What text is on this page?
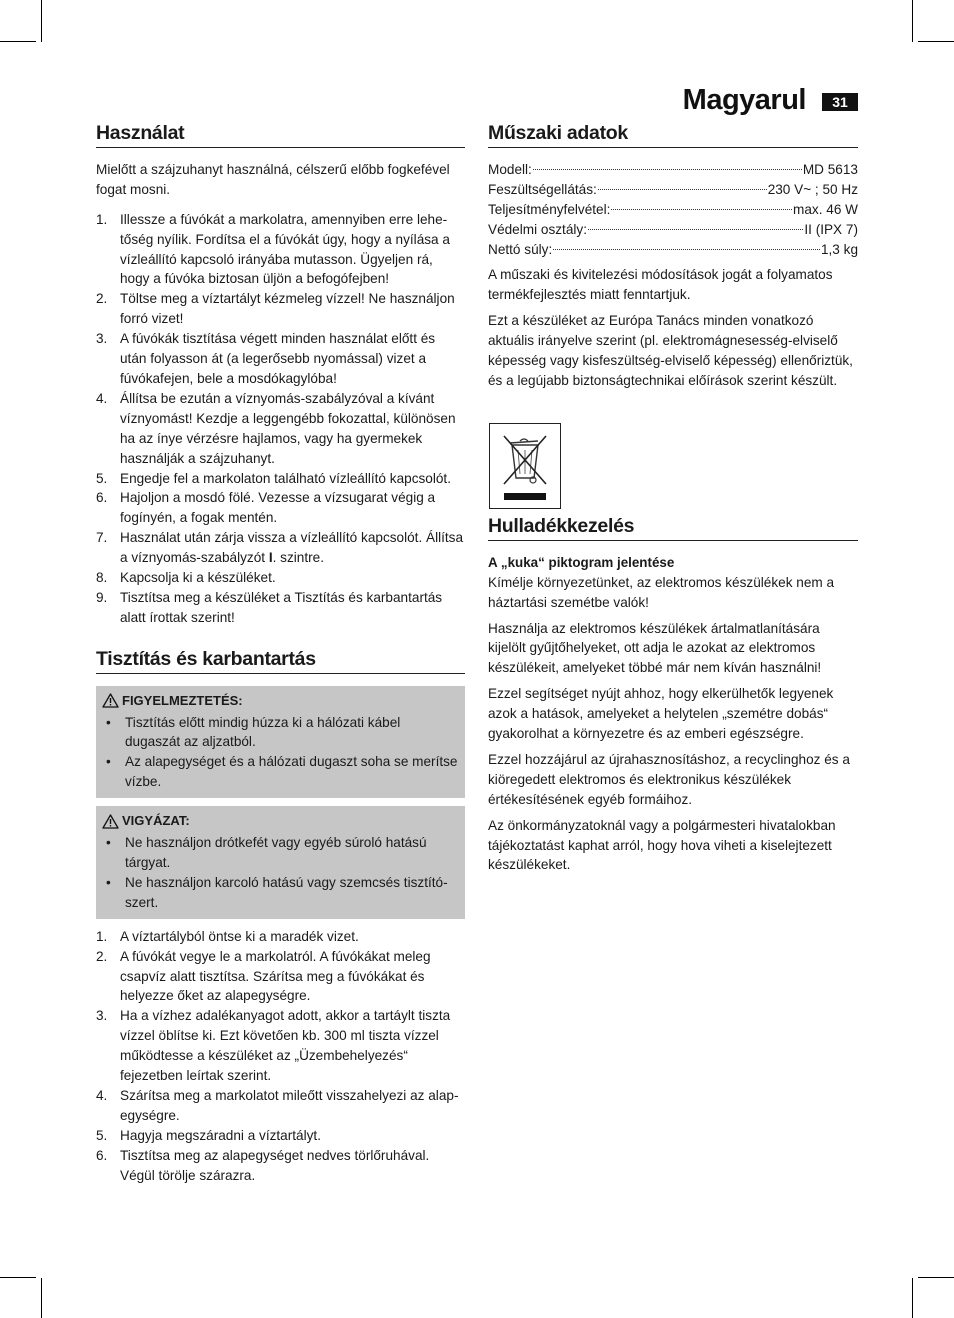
Magyarul	31
Használat

Mielőtt a szájzuhanyt használná, célszerű előbb fogkefével fogat mosni.

1. Illessze a fúvókát a markolatra, amennyiben erre lehetőség nyílik. Fordítsa el a fúvókát úgy, hogy a nyílása a vízleállító kapcsoló irányába mutasson. Ügyeljen rá, hogy a fúvóka biztosan üljön a befogófejben!
2. Töltse meg a víztartályt kézmeleg vízzel! Ne használjon forró vizet!
3. A fúvókák tisztítása végett minden használat előtt és után folyasson át (a legerősebb nyomással) vizet a fúvókafejen, bele a mosdókagylóba!
4. Állítsa be ezután a víznyomás-szabályzóval a kívánt víznyomást! Kezdje a leggengébb fokozattal, különösen ha az ínye vérzésre hajlamos, vagy ha gyermekek használják a szájzuhanyt.
5. Engedje fel a markolaton található vízleállító kapcsolót.
6. Hajoljon a mosdó fölé. Vezesse a vízsugarat végig a fogínyén, a fogak mentén.
7. Használat után zárja vissza a vízleállító kapcsolót. Állítsa a víznyomás-szabályzót I. szintre.
8. Kapcsolja ki a készüléket.
9. Tisztítsa meg a készüléket a Tisztítás és karbantartás alatt írottak szerint!
Tisztítás és karbantartás
FIGYELMEZTETÉS:
• Tisztítás előtt mindig húzza ki a hálózati kábel dugaszát az aljzatból.
• Az alapegységet és a hálózati dugaszt soha se merítse vízbe.
VIGYÁZAT:
• Ne használjon drótkefét vagy egyéb súroló hatású tárgyat.
• Ne használjon karcoló hatású vagy szemcsés tisztítószert.
1. A víztartályból öntse ki a maradék vizet.
2. A fúvókát vegye le a markolatról. A fúvókákat meleg csapvíz alatt tisztítsa. Szárítsa meg a fúvókákat és helyezze őket az alapegységre.
3. Ha a vízhez adalékanyagot adott, akkor a tartáylt tiszta vízzel öblítse ki. Ezt követően kb. 300 ml tiszta vízzel működtesse a készüléket az „Üzembehelyezés“ fejezetben leírtak szerint.
4. Szárítsa meg a markolatot mileőtt visszahelyezi az alapegységre.
5. Hagyja megszáradni a víztartályt.
6. Tisztítsa meg az alapegységet nedves törlőruhával. Végül törölje szárazra.
Műszaki adatok
Modell:	MD 5613
Feszültségellátás:	230 V~ ; 50 Hz
Teljesítményfelvétel:	max. 46 W
Védelmi osztály:	II (IPX 7)
Nettó súly:	1,3 kg

A műszaki és kivitelezési módosítások jogát a folyamatos termékfejlesztés miatt fenntartjuk.

Ezt a készüléket az Európa Tanács minden vonatkozó aktuális irányelve szerint (pl. elektromágnesesség-elviselő képesség vagy kisfeszültség-elviselő képesség) ellenőriztük, és a legújabb biztonságtechnikai előírások szerint készült.

Hulladékkezelés
A „kuka“ piktogram jelentése

Kímélje környezetünket, az elektromos készülékek nem a háztartási szemétbe valók!

Használja az elektromos készülékek ártalmatlanítására kijelölt gyűjtőhelyeket, ott adja le azokat az elektromos készülékeit, amelyeket többé már nem kíván használni!

Ezzel segítséget nyújt ahhoz, hogy elkerülhetők legyenek azok a hatások, amelyeket a helytelen „szemétre dobás“ gyakorolhat a környezetre és az emberi egészségre.

Ezzel hozzájárul az újrahasznosításhoz, a recyclinghoz és a kiöregedett elektromos és elektronikus készülékek értékesítésének egyéb formáihoz.

Az önkormányzatoknál vagy a polgármesteri hivatalokban tájékoztatást kaphat arról, hogy hova viheti a kiselejtezett készülékeket.
